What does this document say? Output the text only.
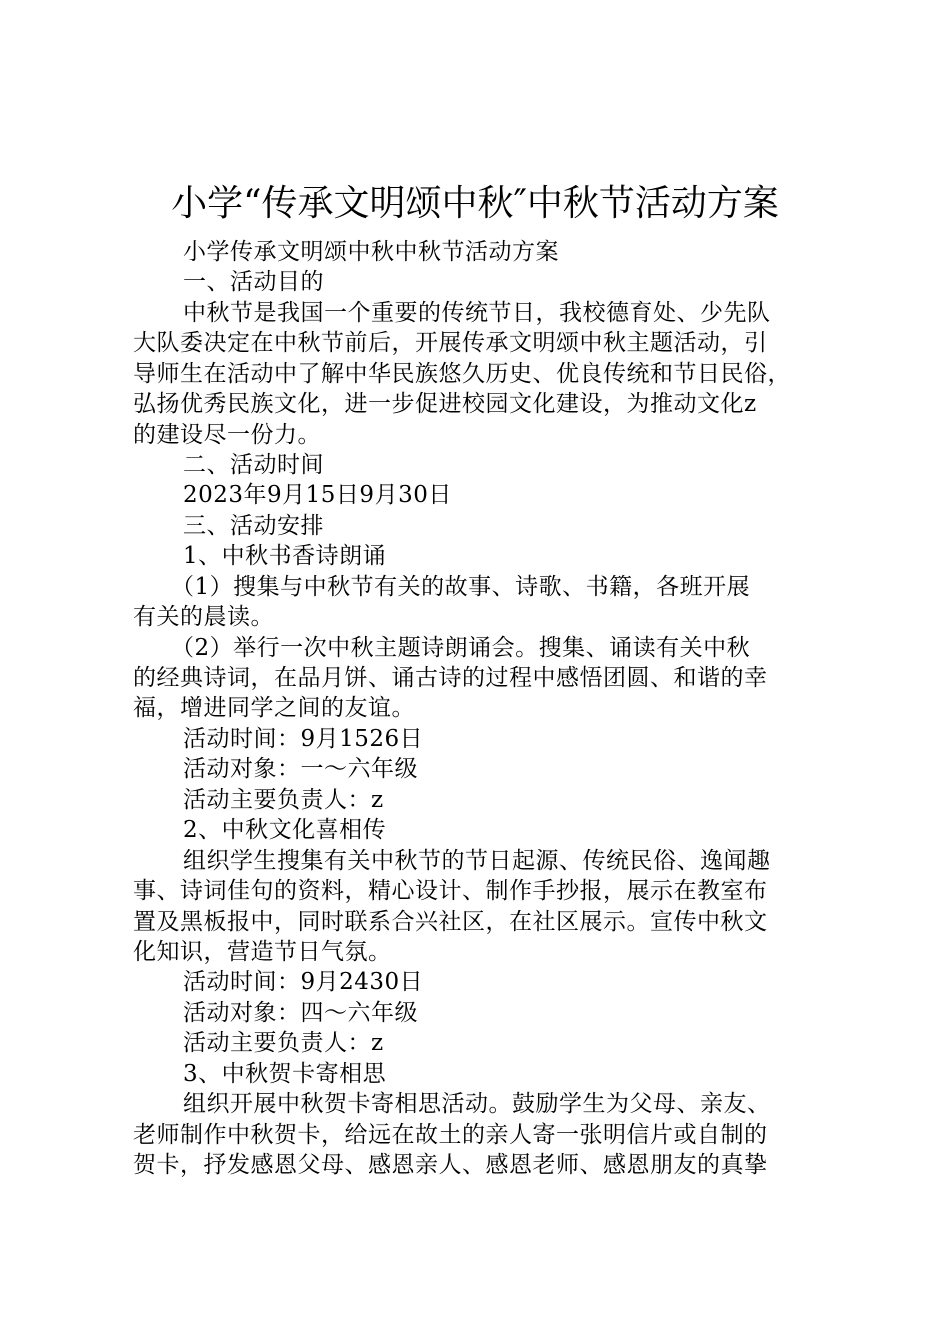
小学“传承文明颂中秋″中秋节活动方案
小学传承文明颂中秋中秋节活动方案
一、活动目的
中秋节是我国一个重要的传统节日，我校德育处、少先队
大队委决定在中秋节前后，开展传承文明颂中秋主题活动，引
导师生在活动中了解中华民族悠久历史、优良传统和节日民俗，
弘扬优秀民族文化，进一步促进校园文化建设，为推动文化z
的建设尽一份力。
二、活动时间
2023年9月15日9月30日
三、活动安排
1、中秋书香诗朗诵
（1）搜集与中秋节有关的故事、诗歌、书籍，各班开展
有关的晨读。
（2）举行一次中秋主题诗朗诵会。搜集、诵读有关中秋
的经典诗词，在品月饼、诵古诗的过程中感悟团圆、和谐的幸
福，增进同学之间的友谊。
活动时间：9月1526日
活动对象：一～六年级
活动主要负责人：z
2、中秋文化喜相传
组织学生搜集有关中秋节的节日起源、传统民俗、逸闻趣
事、诗词佳句的资料，精心设计、制作手抄报，展示在教室布
置及黑板报中，同时联系合兴社区，在社区展示。宣传中秋文
化知识，营造节日气氛。
活动时间：9月2430日
活动对象：四～六年级
活动主要负责人：z
3、中秋贺卡寄相思
组织开展中秋贺卡寄相思活动。鼓励学生为父母、亲友、
老师制作中秋贺卡，给远在故土的亲人寄一张明信片或自制的
贺卡，抒发感恩父母、感恩亲人、感恩老师、感恩朋友的真挚
